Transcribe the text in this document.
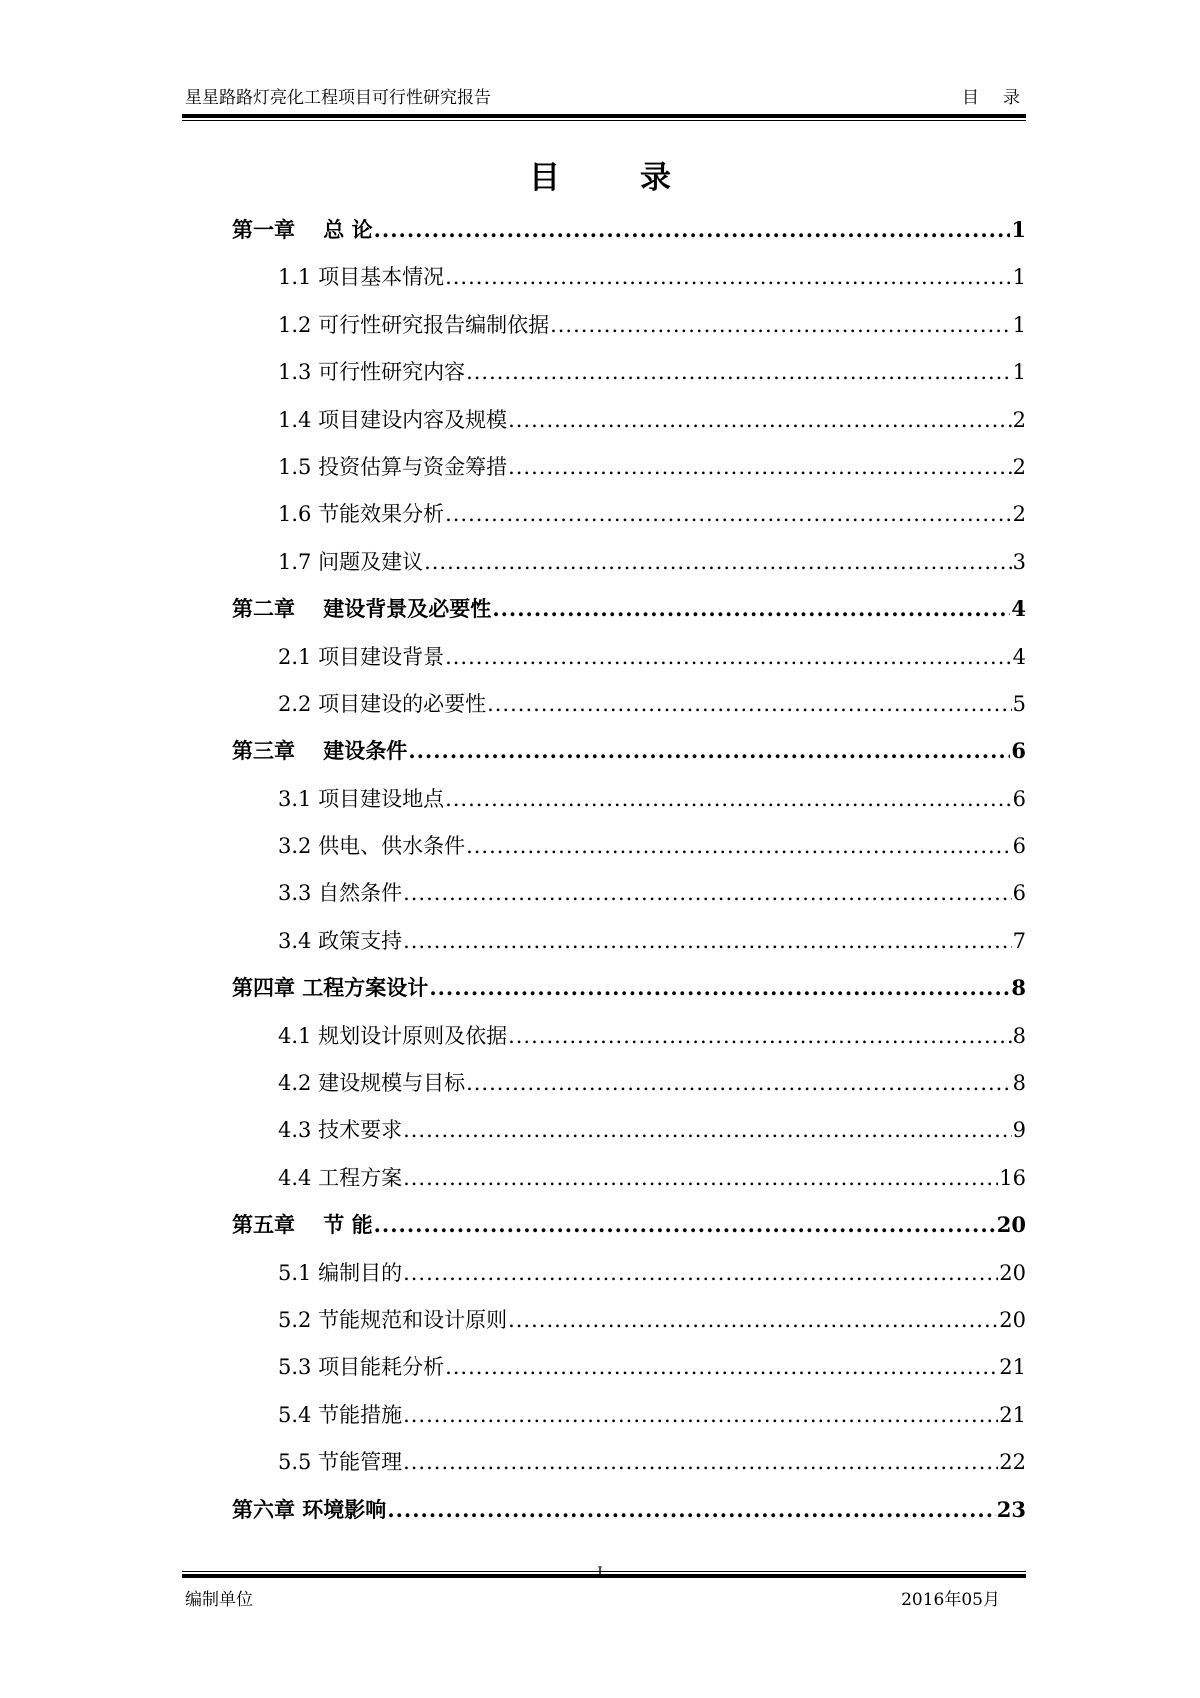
星星路路灯亮化工程项目可行性研究报告	目录
目	录
第一章　 总 论 .....	1
1.1 项目基本情况 .....	1
1.2 可行性研究报告编制依据 .....	1
1.3 可行性研究内容 .....	1
1.4 项目建设内容及规模 .....	2
1.5 投资估算与资金筹措 .....	2
1.6 节能效果分析 .....	2
1.7 问题及建议 .....	3
第二章　 建设背景及必要性 .....	4
2.1 项目建设背景 .....	4
2.2 项目建设的必要性 .....	5
第三章　 建设条件 .....	6
3.1 项目建设地点 .....	6
3.2 供电、供水条件 .....	6
3.3 自然条件 .....	6
3.4 政策支持 .....	7
第四章 工程方案设计 .....	8
4.1 规划设计原则及依据 .....	8
4.2 建设规模与目标 .....	8
4.3 技术要求 .....	9
4.4 工程方案 .....	16
第五章　 节 能 .....	20
5.1 编制目的 .....	20
5.2 节能规范和设计原则 .....	20
5.3 项目能耗分析 .....	21
5.4 节能措施 .....	21
5.5 节能管理 .....	22
第六章 环境影响 .....	23
I
编制单位	2016年05月
